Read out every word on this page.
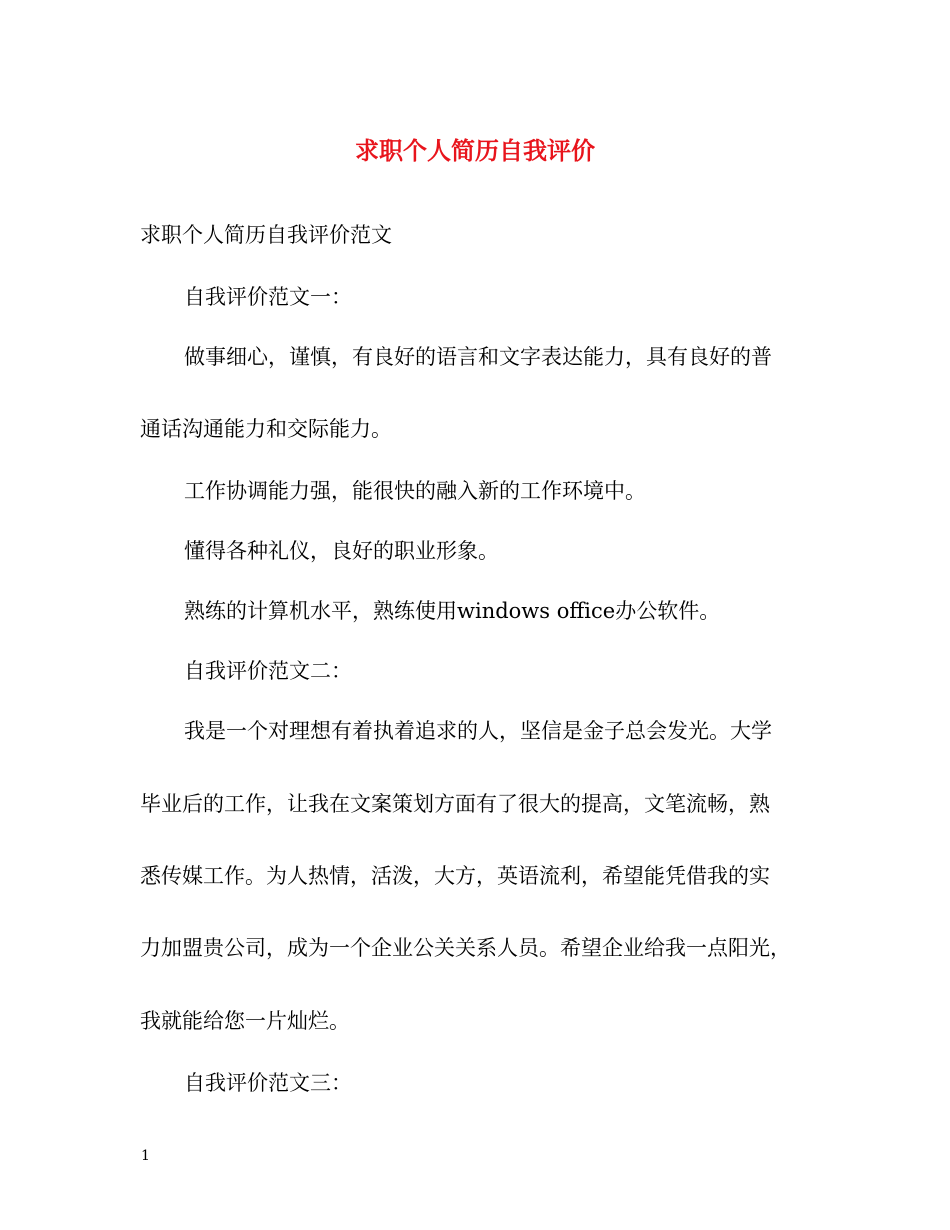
求职个人简历自我评价
求职个人简历自我评价范文
自我评价范文一：
做事细心，谨慎，有良好的语言和文字表达能力，具有良好的普
通话沟通能力和交际能力。
工作协调能力强，能很快的融入新的工作环境中。
懂得各种礼仪，良好的职业形象。
熟练的计算机水平，熟练使用windows office办公软件。
自我评价范文二：
我是一个对理想有着执着追求的人，坚信是金子总会发光。大学
毕业后的工作，让我在文案策划方面有了很大的提高，文笔流畅，熟
悉传媒工作。为人热情，活泼，大方，英语流利，希望能凭借我的实
力加盟贵公司，成为一个企业公关关系人员。希望企业给我一点阳光，
我就能给您一片灿烂。
自我评价范文三：
1
